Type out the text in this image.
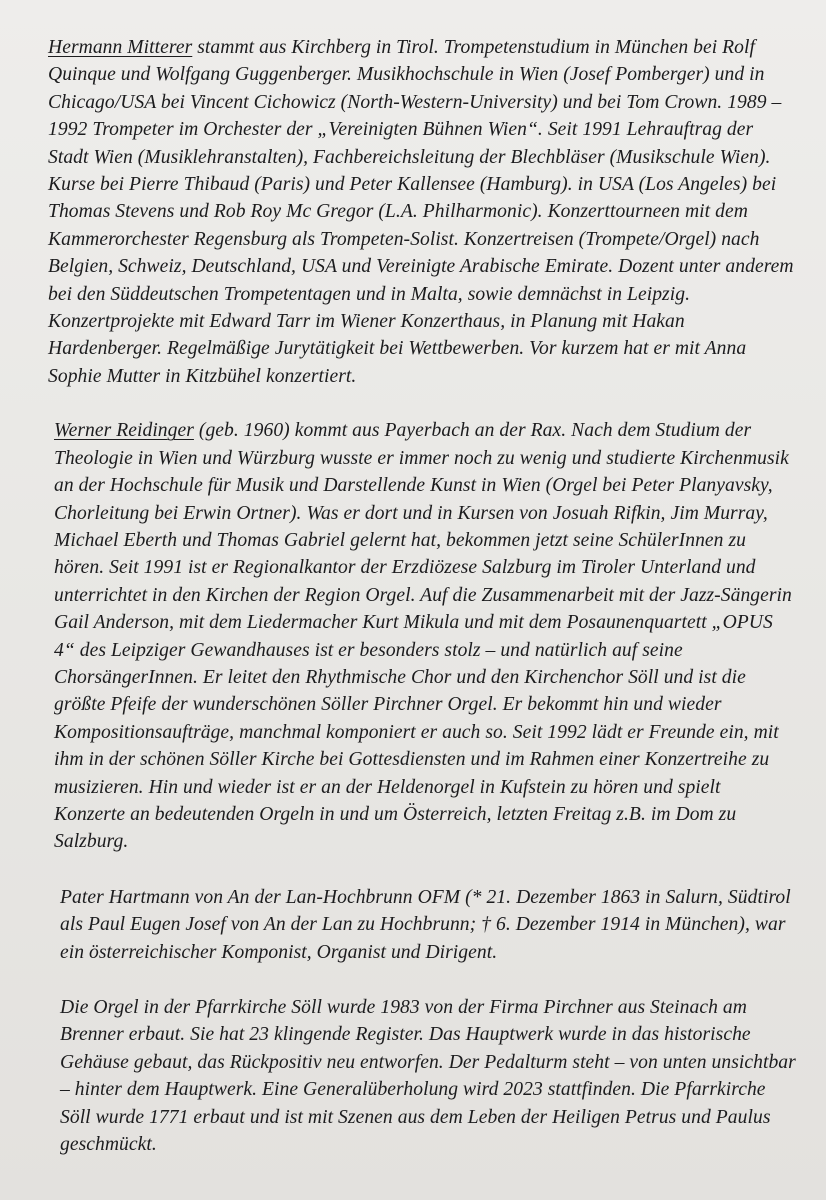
Hermann Mitterer stammt aus Kirchberg in Tirol. Trompetenstudium in München bei Rolf Quinque und Wolfgang Guggenberger. Musikhochschule in Wien (Josef Pomberger) und in Chicago/USA bei Vincent Cichowicz (North-Western-University) und bei Tom Crown. 1989 –1992 Trompeter im Orchester der „Vereinigten Bühnen Wien“. Seit 1991 Lehrauftrag der Stadt Wien (Musiklehranstalten), Fachbereichsleitung der Blechbläser (Musikschule Wien). Kurse bei Pierre Thibaud (Paris) und Peter Kallensee (Hamburg). in USA (Los Angeles) bei Thomas Stevens und Rob Roy Mc Gregor (L.A. Philharmonic). Konzerttourneen mit dem Kammerorchester Regensburg als Trompeten-Solist. Konzertreisen (Trompete/Orgel) nach Belgien, Schweiz, Deutschland, USA und Vereinigte Arabische Emirate. Dozent unter anderem bei den Süddeutschen Trompetentagen und in Malta, sowie demnächst in Leipzig. Konzertprojekte mit Edward Tarr im Wiener Konzerthaus, in Planung mit Hakan Hardenberger. Regelmäßige Jurytätigkeit bei Wettbewerben. Vor kurzem hat er mit Anna Sophie Mutter in Kitzbühel konzertiert.

Werner Reidinger (geb. 1960) kommt aus Payerbach an der Rax. Nach dem Studium der Theologie in Wien und Würzburg wusste er immer noch zu wenig und studierte Kirchenmusik an der Hochschule für Musik und Darstellende Kunst in Wien (Orgel bei Peter Planyavsky, Chorleitung bei Erwin Ortner). Was er dort und in Kursen von Josuah Rifkin, Jim Murray, Michael Eberth und Thomas Gabriel gelernt hat, bekommen jetzt seine SchülerInnen zu hören. Seit 1991 ist er Regionalkantor der Erzdiözese Salzburg im Tiroler Unterland und unterrichtet in den Kirchen der Region Orgel. Auf die Zusammenarbeit mit der Jazz-Sängerin Gail Anderson, mit dem Liedermacher Kurt Mikula und mit dem Posaunenquartett „OPUS 4“ des Leipziger Gewandhauses ist er besonders stolz – und natürlich auf seine ChorsängerInnen. Er leitet den Rhythmische Chor und den Kirchenchor Söll und ist die größte Pfeife der wunderschönen Söller Pirchner Orgel. Er bekommt hin und wieder Kompositionsaufträge, manchmal komponiert er auch so. Seit 1992 lädt er Freunde ein, mit ihm in der schönen Söller Kirche bei Gottesdiensten und im Rahmen einer Konzertreihe zu musizieren. Hin und wieder ist er an der Heldenorgel in Kufstein zu hören und spielt Konzerte an bedeutenden Orgeln in und um Österreich, letzten Freitag z.B. im Dom zu Salzburg.

Pater Hartmann von An der Lan-Hochbrunn OFM (* 21. Dezember 1863 in Salurn, Südtirol als Paul Eugen Josef von An der Lan zu Hochbrunn; † 6. Dezember 1914 in München), war ein österreichischer Komponist, Organist und Dirigent.

Die Orgel in der Pfarrkirche Söll wurde 1983 von der Firma Pirchner aus Steinach am Brenner erbaut. Sie hat 23 klingende Register. Das Hauptwerk wurde in das historische Gehäuse gebaut, das Rückpositiv neu entworfen. Der Pedalturm steht – von unten unsichtbar – hinter dem Hauptwerk. Eine Generalüberholung wird 2023 stattfinden. Die Pfarrkirche Söll wurde 1771 erbaut und ist mit Szenen aus dem Leben der Heiligen Petrus und Paulus geschmückt.
